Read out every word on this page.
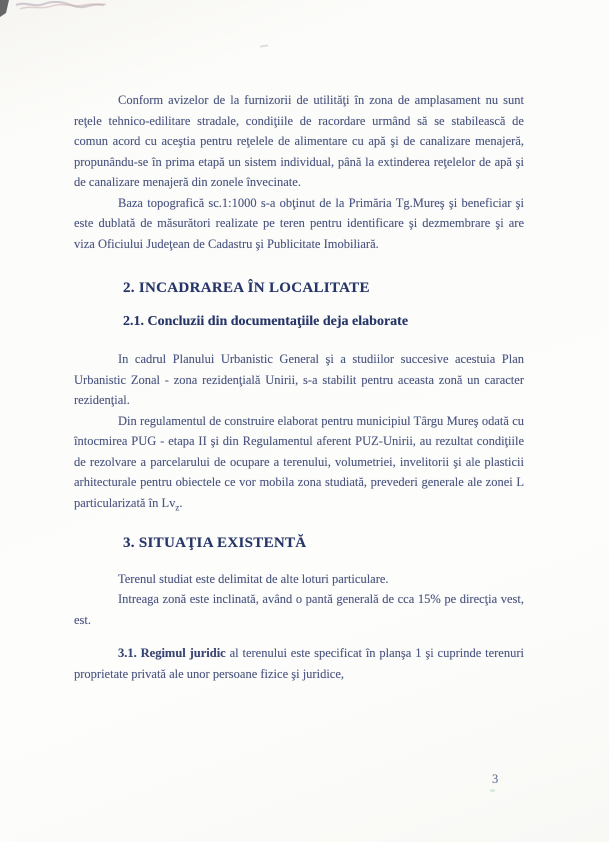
Conform avizelor de la furnizorii de utilităţi în zona de amplasament nu sunt reţele tehnico-edilitare stradale, condiţiile de racordare urmând să se stabilească de comun acord cu aceştia pentru reţelele de alimentare cu apă şi de canalizare menajeră, propunându-se în prima etapă un sistem individual, până la extinderea reţelelor de apă şi de canalizare menajeră din zonele învecinate.

Baza topografică sc.1:1000 s-a obţinut de la Primăria Tg.Mureş şi beneficiar şi este dublată de măsurători realizate pe teren pentru identificare şi dezmembrare şi are viza Oficiului Judeţean de Cadastru şi Publicitate Imobiliară.

2. INCADRAREA ÎN LOCALITATE
2.1. Concluzii din documentaţiile deja elaborate

In cadrul Planului Urbanistic General şi a studiilor succesive acestuia Plan Urbanistic Zonal - zona rezidenţială Unirii, s-a stabilit pentru aceasta zonă un caracter rezidenţial.

Din regulamentul de construire elaborat pentru municipiul Târgu Mureş odată cu întocmirea PUG - etapa II şi din Regulamentul aferent PUZ-Unirii, au rezultat condiţiile de rezolvare a parcelarului de ocupare a terenului, volumetriei, invelitorii şi ale plasticii arhitecturale pentru obiectele ce vor mobila zona studiată, prevederi generale ale zonei L particularizată în $Lv_z$.

3. SITUAŢIA EXISTENTĂ

Terenul studiat este delimitat de alte loturi particulare.

Intreaga zonă este inclinată, având o pantă generală de cca 15% pe direcţia vest, est.

3.1. Regimul juridic al terenului este specificat în planşa 1 şi cuprinde terenuri proprietate privată ale unor persoane fizice şi juridice,

3
